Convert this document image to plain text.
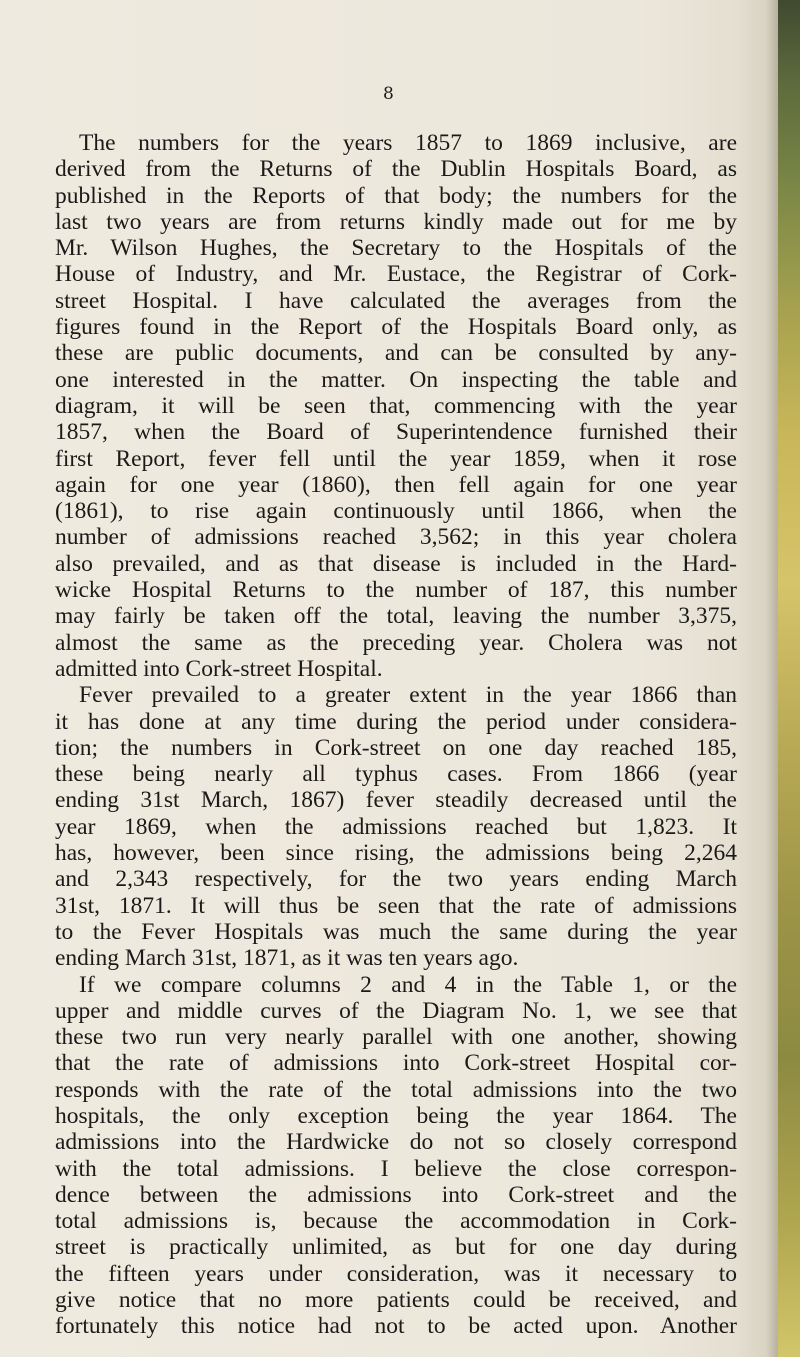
8
The numbers for the years 1857 to 1869 inclusive, are
derived from the Returns of the Dublin Hospitals Board, as
published in the Reports of that body; the numbers for the
last two years are from returns kindly made out for me by
Mr. Wilson Hughes, the Secretary to the Hospitals of the
House of Industry, and Mr. Eustace, the Registrar of Cork-
street Hospital. I have calculated the averages from the
figures found in the Report of the Hospitals Board only, as
these are public documents, and can be consulted by any-
one interested in the matter. On inspecting the table and
diagram, it will be seen that, commencing with the year
1857, when the Board of Superintendence furnished their
first Report, fever fell until the year 1859, when it rose
again for one year (1860), then fell again for one year
(1861), to rise again continuously until 1866, when the
number of admissions reached 3,562; in this year cholera
also prevailed, and as that disease is included in the Hard-
wicke Hospital Returns to the number of 187, this number
may fairly be taken off the total, leaving the number 3,375,
almost the same as the preceding year. Cholera was not
admitted into Cork-street Hospital.
Fever prevailed to a greater extent in the year 1866 than
it has done at any time during the period under considera-
tion; the numbers in Cork-street on one day reached 185,
these being nearly all typhus cases. From 1866 (year
ending 31st March, 1867) fever steadily decreased until the
year 1869, when the admissions reached but 1,823. It
has, however, been since rising, the admissions being 2,264
and 2,343 respectively, for the two years ending March
31st, 1871. It will thus be seen that the rate of admissions
to the Fever Hospitals was much the same during the year
ending March 31st, 1871, as it was ten years ago.
If we compare columns 2 and 4 in the Table 1, or the
upper and middle curves of the Diagram No. 1, we see that
these two run very nearly parallel with one another, showing
that the rate of admissions into Cork-street Hospital cor-
responds with the rate of the total admissions into the two
hospitals, the only exception being the year 1864. The
admissions into the Hardwicke do not so closely correspond
with the total admissions. I believe the close correspon-
dence between the admissions into Cork-street and the
total admissions is, because the accommodation in Cork-
street is practically unlimited, as but for one day during
the fifteen years under consideration, was it necessary to
give notice that no more patients could be received, and
fortunately this notice had not to be acted upon. Another
